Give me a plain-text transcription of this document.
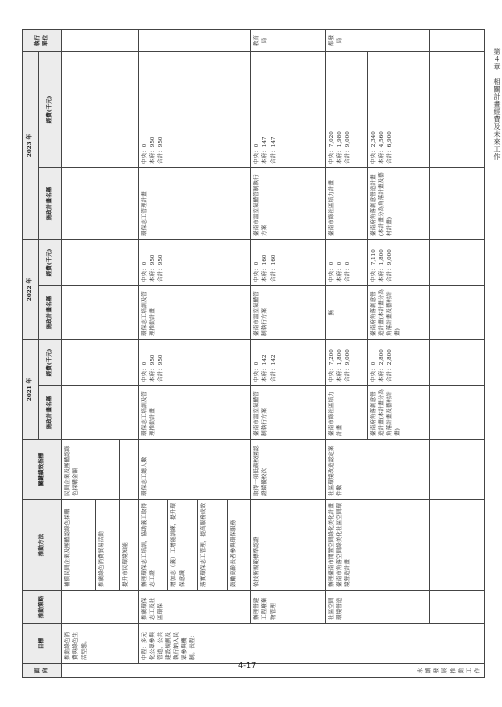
第４章　相關計畫經費及未來工作
面向	目標	推動策略	推動方法	關鍵績效指標	2021 年		2022 年		2023 年		執行單位
					施政計畫名稱	經費(千元)	施政計畫名稱	經費(千元)	施政計畫名稱	經費(千元)	
永續發展推動工作	推動綠色消費與綠色生活型態。		補償民間企業及團體認綠色採購	民間企業及團體認綠色採購金額							
			推廣綠色消費貿易活動								
			提升市民環境知能								
	中程：多元化公眾參與管道，公共建設規劃及執行納入民眾參與機制。長程：	推廣環保志工及社區環保	辦理環保志工培訓，協助義工取得志工證	環保志工總人數	環保志工培訓及管理推動計畫	中央：0
本府：950
合計：950	環保志工培訓及管理推動計畫	中央：0
本府：950
合計：950	環保志工管理計畫	中央：0
本府：950
合計：950	
			增加志（義）工增能訓練，提升環保意識								
			落實環保志工管理，提高服務成效								
			鼓勵高齡長者參與環保服務								
		辦理營建工程廢棄物管理	依技術規範標準認證	取得一項低碳校園認證績優校次	臺南市溫室氣體管制執行方案	中央：0
本府：142
合計：142	臺南市溫室氣體管制執行方案	中央：0
本府：160
合計：160	臺南市溫室氣體管制執行方案	中央：0
本府：147
合計：147	教育局
		社區空間環境營造	辦理臺南市閒置空間綠化美化計畫　臺南市角落空間綠美化社區空間環境營造計畫	社區環境改造認定案件數	臺南市綠社區培力計畫	中央：7,200
本府：1,800
合計：9,000	無	中央：0
本府：0
合計：0	臺南市綠社區培力計畫	中央：7,020
本府：1,980
合計：9,000	都發局
					臺南府角落創意營造計畫(本計畫分為角落計畫及藝村計畫)	中央：0
本府：2,800
合計：2,800	臺南府角落創意營造計畫(本計畫分為角落計畫及藝村計畫)	中央：7,110
本府：1,800
合計：9,000	臺南府角落創意營造計畫(本計畫分為角落計畫及藝村計畫)	中央：2,340
本府：4,560
合計：6,900	

4-17
